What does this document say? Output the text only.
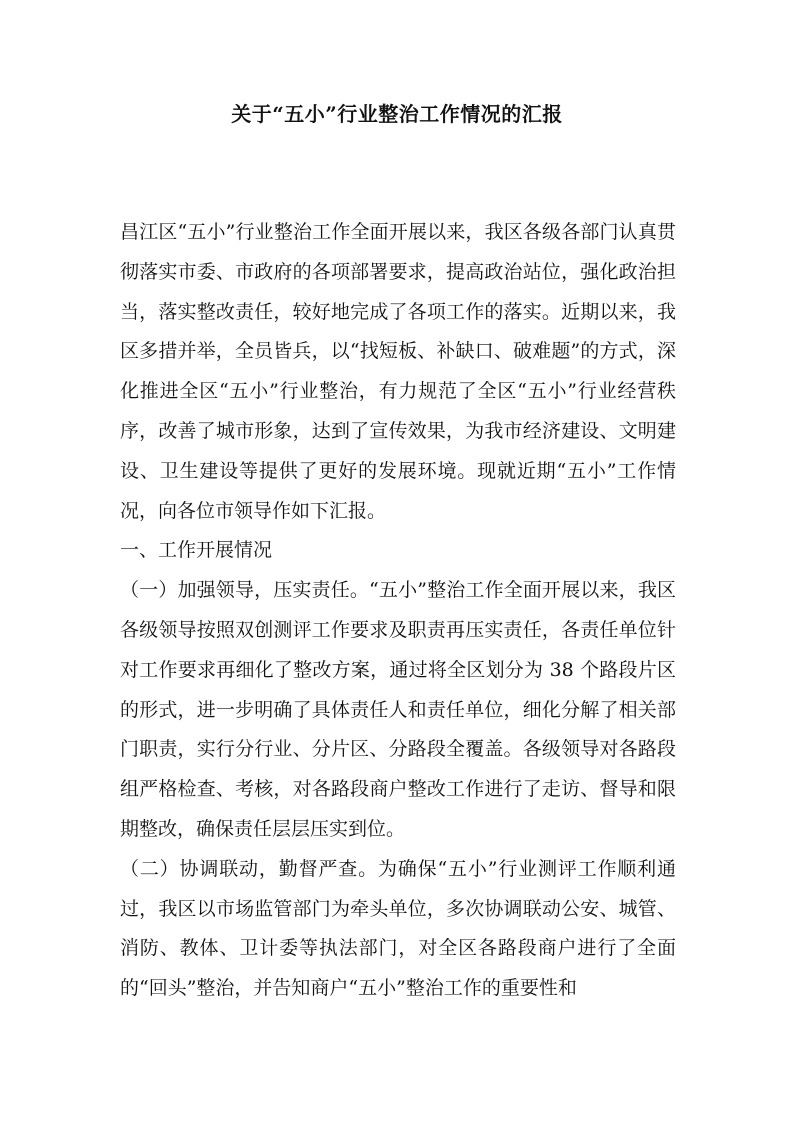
关于“五小”行业整治工作情况的汇报

昌江区“五小”行业整治工作全面开展以来，我区各级各部门认真贯彻落实市委、市政府的各项部署要求，提高政治站位，强化政治担当，落实整改责任，较好地完成了各项工作的落实。近期以来，我区多措并举，全员皆兵，以“找短板、补缺口、破难题”的方式，深化推进全区“五小”行业整治，有力规范了全区“五小”行业经营秩序，改善了城市形象，达到了宣传效果，为我市经济建设、文明建设、卫生建设等提供了更好的发展环境。现就近期“五小”工作情况，向各位市领导作如下汇报。

一、工作开展情况

（一）加强领导，压实责任。“五小”整治工作全面开展以来，我区各级领导按照双创测评工作要求及职责再压实责任，各责任单位针对工作要求再细化了整改方案，通过将全区划分为 38 个路段片区的形式，进一步明确了具体责任人和责任单位，细化分解了相关部门职责，实行分行业、分片区、分路段全覆盖。各级领导对各路段组严格检查、考核，对各路段商户整改工作进行了走访、督导和限期整改，确保责任层层压实到位。

（二）协调联动，勤督严查。为确保“五小”行业测评工作顺利通过，我区以市场监管部门为牵头单位，多次协调联动公安、城管、消防、教体、卫计委等执法部门，对全区各路段商户进行了全面的“回头”整治，并告知商户“五小”整治工作的重要性和
